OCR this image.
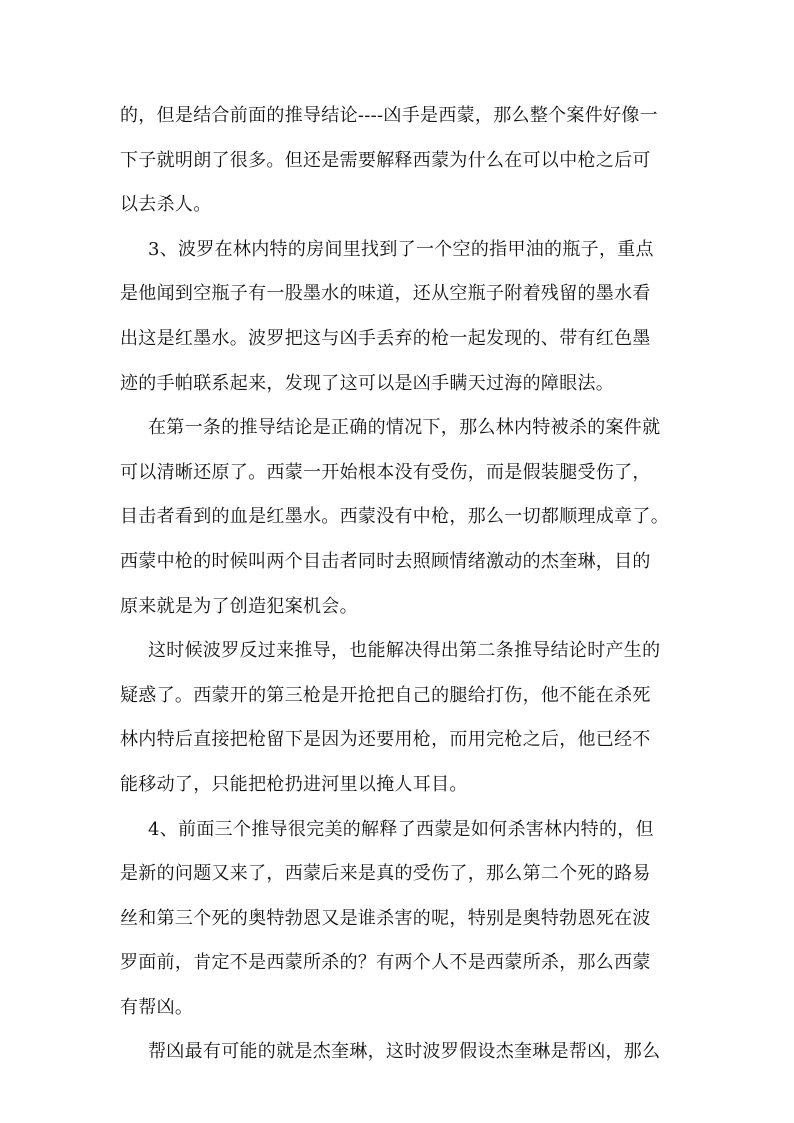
的，但是结合前面的推导结论----凶手是西蒙，那么整个案件好像一
下子就明朗了很多。但还是需要解释西蒙为什么在可以中枪之后可
以去杀人。
3、波罗在林内特的房间里找到了一个空的指甲油的瓶子，重点
是他闻到空瓶子有一股墨水的味道，还从空瓶子附着残留的墨水看
出这是红墨水。波罗把这与凶手丢弃的枪一起发现的、带有红色墨
迹的手帕联系起来，发现了这可以是凶手瞒天过海的障眼法。
在第一条的推导结论是正确的情况下，那么林内特被杀的案件就
可以清晰还原了。西蒙一开始根本没有受伤，而是假装腿受伤了，
目击者看到的血是红墨水。西蒙没有中枪，那么一切都顺理成章了。
西蒙中枪的时候叫两个目击者同时去照顾情绪激动的杰奎琳，目的
原来就是为了创造犯案机会。
这时候波罗反过来推导，也能解决得出第二条推导结论时产生的
疑惑了。西蒙开的第三枪是开抢把自己的腿给打伤，他不能在杀死
林内特后直接把枪留下是因为还要用枪，而用完枪之后，他已经不
能移动了，只能把枪扔进河里以掩人耳目。
4、前面三个推导很完美的解释了西蒙是如何杀害林内特的，但
是新的问题又来了，西蒙后来是真的受伤了，那么第二个死的路易
丝和第三个死的奥特勃恩又是谁杀害的呢，特别是奥特勃恩死在波
罗面前，肯定不是西蒙所杀的？有两个人不是西蒙所杀，那么西蒙
有帮凶。
帮凶最有可能的就是杰奎琳，这时波罗假设杰奎琳是帮凶，那么
